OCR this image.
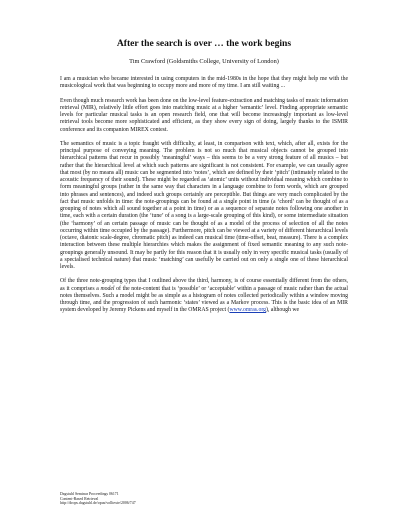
After the search is over … the work begins
Tim Crawford (Goldsmiths College, University of London)

I am a musician who became interested in using computers in the mid-1980s in the hope that they might help me with the musicological work that was beginning to occupy more and more of my time. I am still waiting ...

Even though much research work has been done on the low-level feature-extraction and matching tasks of music information retrieval (MIR), relatively little effort goes into matching music at a higher ‘semantic’ level. Finding appropriate semantic levels for particular musical tasks is an open research field, one that will become increasingly important as low-level retrieval tools become more sophisticated and efficient, as they show every sign of doing, largely thanks to the ISMIR conference and its companion MIREX contest.

The semantics of music is a topic fraught with difficulty, at least, in comparison with text, which, after all, exists for the principal purpose of conveying meaning. The problem is not so much that musical objects cannot be grouped into hierarchical patterns that recur in possibly ‘meaningful’ ways – this seems to be a very strong feature of all musics – but rather that the hierarchical level at which such patterns are significant is not consistent. For example, we can usually agree that most (by no means all) music can be segmented into ‘notes’, which are defined by their ‘pitch’ (intimately related to the acoustic frequency of their sound). These might be regarded as ‘atomic’ units without individual meaning which combine to form meaningful groups (rather in the same way that characters in a language combine to form words, which are grouped into phrases and sentences), and indeed such groups certainly are perceptible. But things are very much complicated by the fact that music unfolds in time: the note-groupings can be found at a single point in time (a ‘chord’ can be thought of as a grouping of notes which all sound together at a point in time) or as a sequence of separate notes following one another in time, each with a certain duration (the ‘tune’ of a song is a large-scale grouping of this kind), or some intermediate situation (the ‘harmony’ of an certain passage of music can be thought of as a model of the process of selection of all the notes occurring within time occupied by the passage). Furthermore, pitch can be viewed at a variety of different hierarchical levels (octave, diatonic scale-degree, chromatic pitch) as indeed can musical time (time-offset, beat, measure). There is a complex interaction between these multiple hierarchies which makes the assignment of fixed semantic meaning to any such note-groupings generally unsound. It may be partly for this reason that it is usually only in very specific musical tasks (usually of a specialised technical nature) that music ‘matching’ can usefully be carried out on only a single one of these hierarchical levels.

Of the three note-grouping types that I outlined above the third, harmony, is of course essentially different from the others, as it comprises a model of the note-content that is ‘possible’ or ‘acceptable’ within a passage of music rather than the actual notes themselves. Such a model might be as simple as a histogram of notes collected periodically within a window moving through time, and the progression of such harmonic ‘states’ viewed as a Markov process. This is the basic idea of an MIR system developed by Jeremy Pickens and myself in the OMRAS project (www.omras.org), although we

Dagstuhl Seminar Proceedings 06171
Content-Based Retrieval
http://drops.dagstuhl.de/opus/volltexte/2006/747
